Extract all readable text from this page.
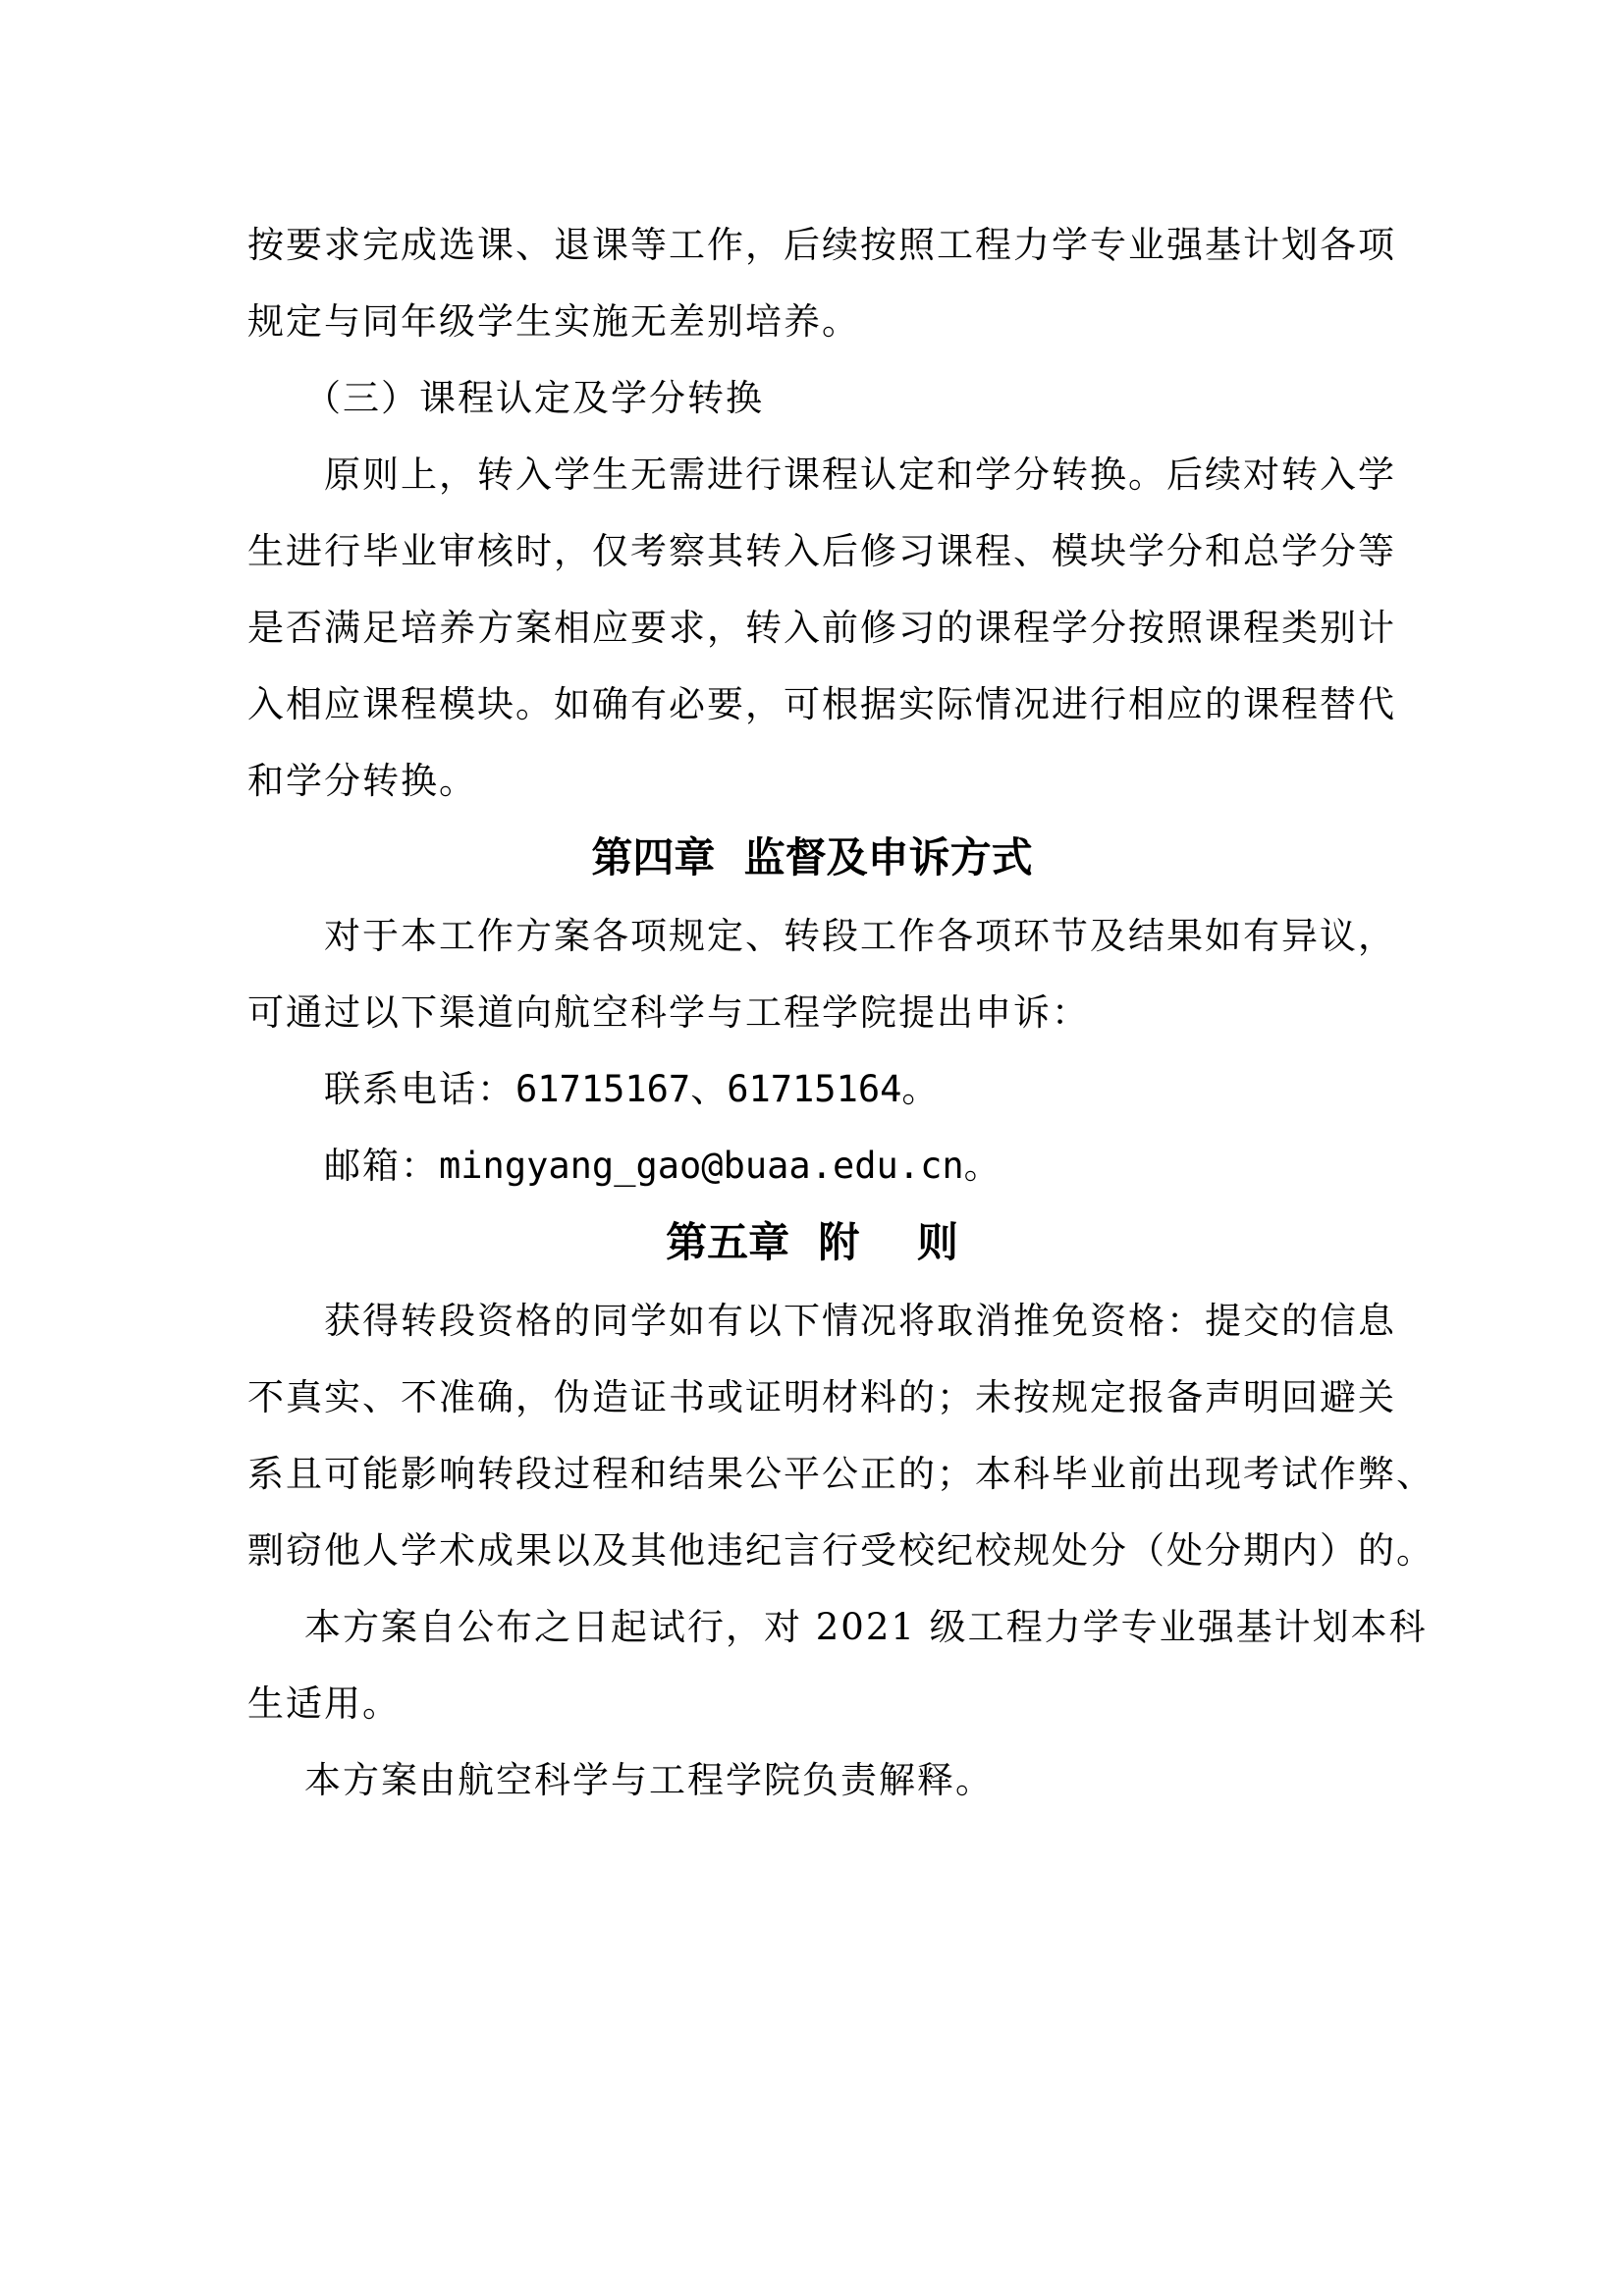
按要求完成选课、退课等工作，后续按照工程力学专业强基计划各项
规定与同年级学生实施无差别培养。
（三）课程认定及学分转换
原则上，转入学生无需进行课程认定和学分转换。后续对转入学
生进行毕业审核时，仅考察其转入后修习课程、模块学分和总学分等
是否满足培养方案相应要求，转入前修习的课程学分按照课程类别计
入相应课程模块。如确有必要，可根据实际情况进行相应的课程替代
和学分转换。
第四章  监督及申诉方式
对于本工作方案各项规定、转段工作各项环节及结果如有异议，
可通过以下渠道向航空科学与工程学院提出申诉：
联系电话：61715167、61715164。
邮箱：mingyang_gao@buaa.edu.cn。
第五章  附    则
获得转段资格的同学如有以下情况将取消推免资格：提交的信息
不真实、不准确，伪造证书或证明材料的；未按规定报备声明回避关
系且可能影响转段过程和结果公平公正的；本科毕业前出现考试作弊、
剽窃他人学术成果以及其他违纪言行受校纪校规处分（处分期内）的。
本方案自公布之日起试行，对 2021 级工程力学专业强基计划本科
生适用。
本方案由航空科学与工程学院负责解释。
